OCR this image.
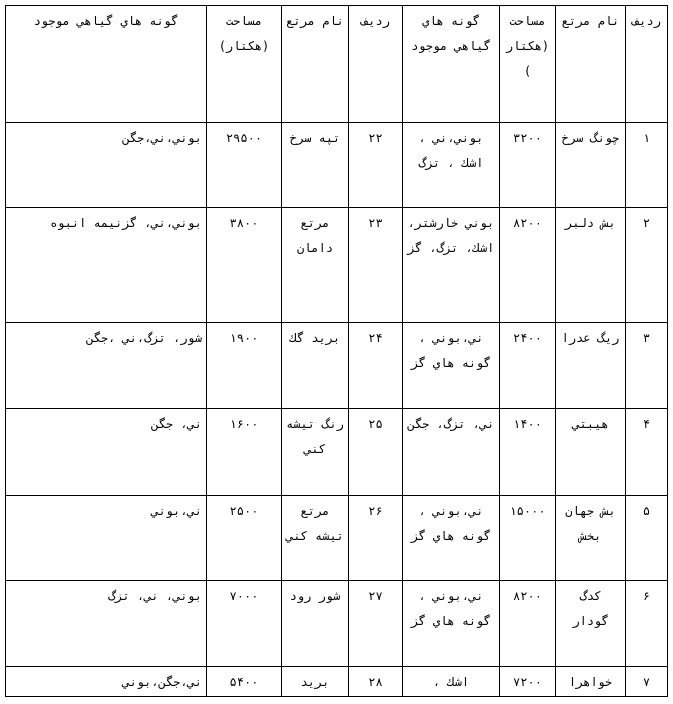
ردیف	نام مرتع	مساحت (هکتار)	گونه هاي گیاهي موجود	ردیف	نام مرتع	مساحت (هکتار)	گونه هاي گیاهي موجود
۱	چونگ سرخ	۳۲۰۰	بوني،ني ، اشك ، تزگ	۲۲	تپه سرخ	۲۹۵۰۰	بوني،ني،جگن
۲	بش دلبر	۸۲۰۰	بوني خارشتر، اشك، تزگ، گز	۲۳	مرتع دامان	۳۸۰۰	بوني،ني، گزنیمه انبوه
۳	ریگ عدرا	۲۴۰۰	ني،بوني ، گونه هاي گز	۲۴	برید گك	۱۹۰۰	شور، تزگ،ني ،جگن
۴	هیبتي	۱۴۰۰	ني، تزگ، جگن	۲۵	رنگ تیشه كني	۱۶۰۰	ني، جگن
۵	بش جهان بخش	۱۵۰۰۰	ني،بوني ، گونه هاي گز	۲۶	مرتع تیشه كني	۲۵۰۰	ني،بوني
۶	كدگ گودار	۸۲۰۰	ني،بوني ، گونه هاي گز	۲۷	شور رود	۷۰۰۰	بوني، ني، تزگ
۷	خواهرا	۷۲۰۰	اشك ،	۲۸	برید	۵۴۰۰	ني،جگن،بوني
